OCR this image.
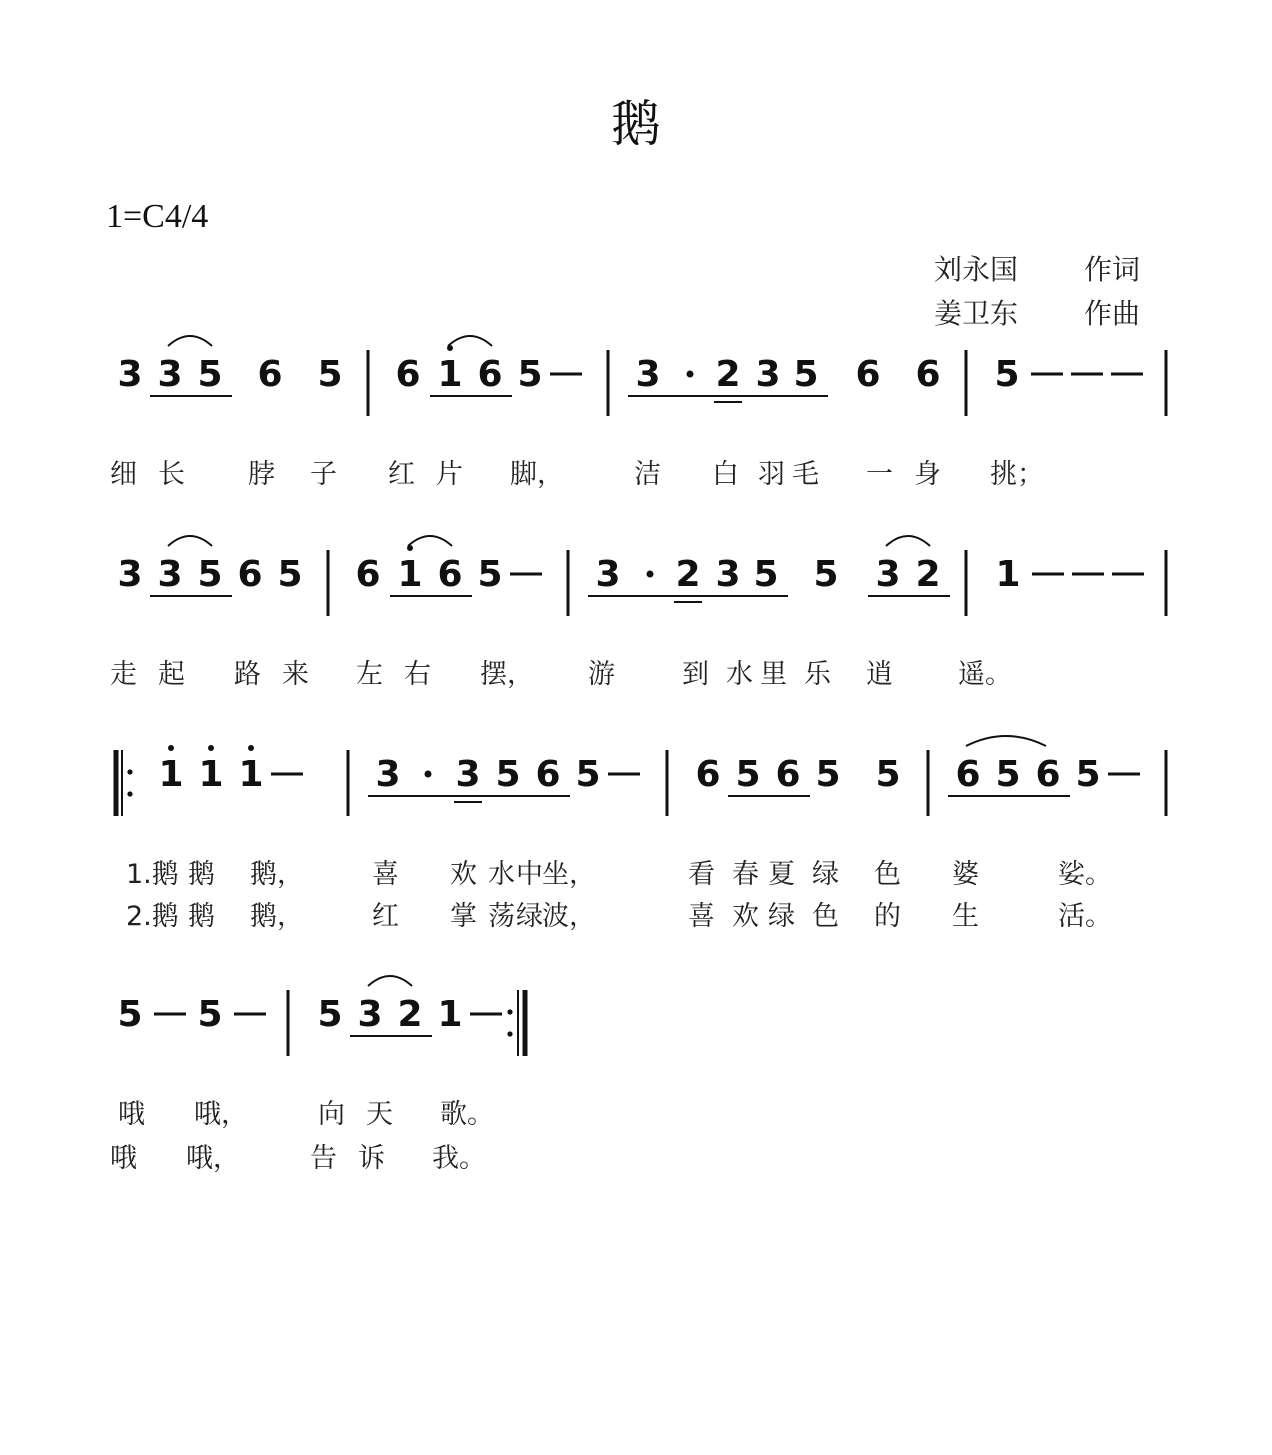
鹅
1=C4/4
刘永国 作词
姜卫东 作曲
3 3 5 6 5 6 1 6 5	3 2 3 5 6 6 5
3 3 5 6 5 6 1 6 5	3 2 3 5 5 3 2 1
1 1 1	3 3 5 6 5	6 5 6 5 5 6 5 6 5
5 5	5 3 2 1
细 长 脖 子 红 片 脚，	洁 白 羽 毛 一 身 挑；
走 起 路 来 左 右 摆， 游 到 水 里 乐 逍 遥。
1.鹅 鹅 鹅，	喜 欢 水 中 坐，	看 春 夏 绿 色 婆	娑。
2.鹅 鹅 鹅，	红 掌 荡 绿 波，	喜 欢 绿 色 的 生	活。
哦 哦，	向 天 歌。
哦 哦，	告 诉 我。
